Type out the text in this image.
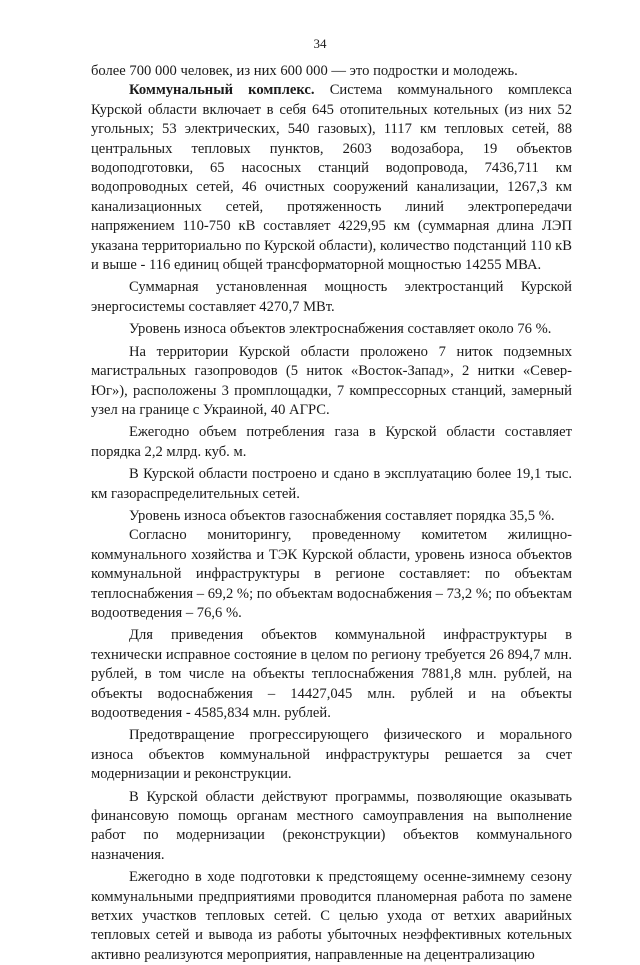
34

более 700 000 человек, из них 600 000 — это подростки и молодежь.

Коммунальный комплекс. Система коммунального комплекса Курской области включает в себя 645 отопительных котельных (из них 52 угольных; 53 электрических, 540 газовых), 1117 км тепловых сетей, 88 центральных тепловых пунктов, 2603 водозабора, 19 объектов водоподготовки, 65 насосных станций водопровода, 7436,711 км водопроводных сетей, 46 очистных сооружений канализации, 1267,3 км канализационных сетей, протяженность линий электропередачи напряжением 110-750 кВ составляет 4229,95 км (суммарная длина ЛЭП указана территориально по Курской области), количество подстанций 110 кВ и выше - 116 единиц общей трансформаторной мощностью 14255 МВА.

Суммарная установленная мощность электростанций Курской энергосистемы составляет 4270,7 МВт.

Уровень износа объектов электроснабжения составляет около 76 %.

На территории Курской области проложено 7 ниток подземных магистральных газопроводов (5 ниток «Восток-Запад», 2 нитки «Север-Юг»), расположены 3 промплощадки, 7 компрессорных станций, замерный узел на границе с Украиной, 40 АГРС.

Ежегодно объем потребления газа в Курской области составляет порядка 2,2 млрд. куб. м.

В Курской области построено и сдано в эксплуатацию более 19,1 тыс. км газораспределительных сетей.

Уровень износа объектов газоснабжения составляет порядка 35,5 %.

Согласно мониторингу, проведенному комитетом жилищно-коммунального хозяйства и ТЭК Курской области, уровень износа объектов коммунальной инфраструктуры в регионе составляет: по объектам теплоснабжения – 69,2 %; по объектам водоснабжения – 73,2 %; по объектам водоотведения – 76,6 %.

Для приведения объектов коммунальной инфраструктуры в технически исправное состояние в целом по региону требуется 26 894,7 млн. рублей, в том числе на объекты теплоснабжения 7881,8 млн. рублей, на объекты водоснабжения – 14427,045 млн. рублей и на объекты водоотведения - 4585,834 млн. рублей.

Предотвращение прогрессирующего физического и морального износа объектов коммунальной инфраструктуры решается за счет модернизации и реконструкции.

В Курской области действуют программы, позволяющие оказывать финансовую помощь органам местного самоуправления на выполнение работ по модернизации (реконструкции) объектов коммунального назначения.

Ежегодно в ходе подготовки к предстоящему осенне-зимнему сезону коммунальными предприятиями проводится планомерная работа по замене ветхих участков тепловых сетей. С целью ухода от ветхих аварийных тепловых сетей и вывода из работы убыточных неэффективных котельных активно реализуются мероприятия, направленные на децентрализацию
